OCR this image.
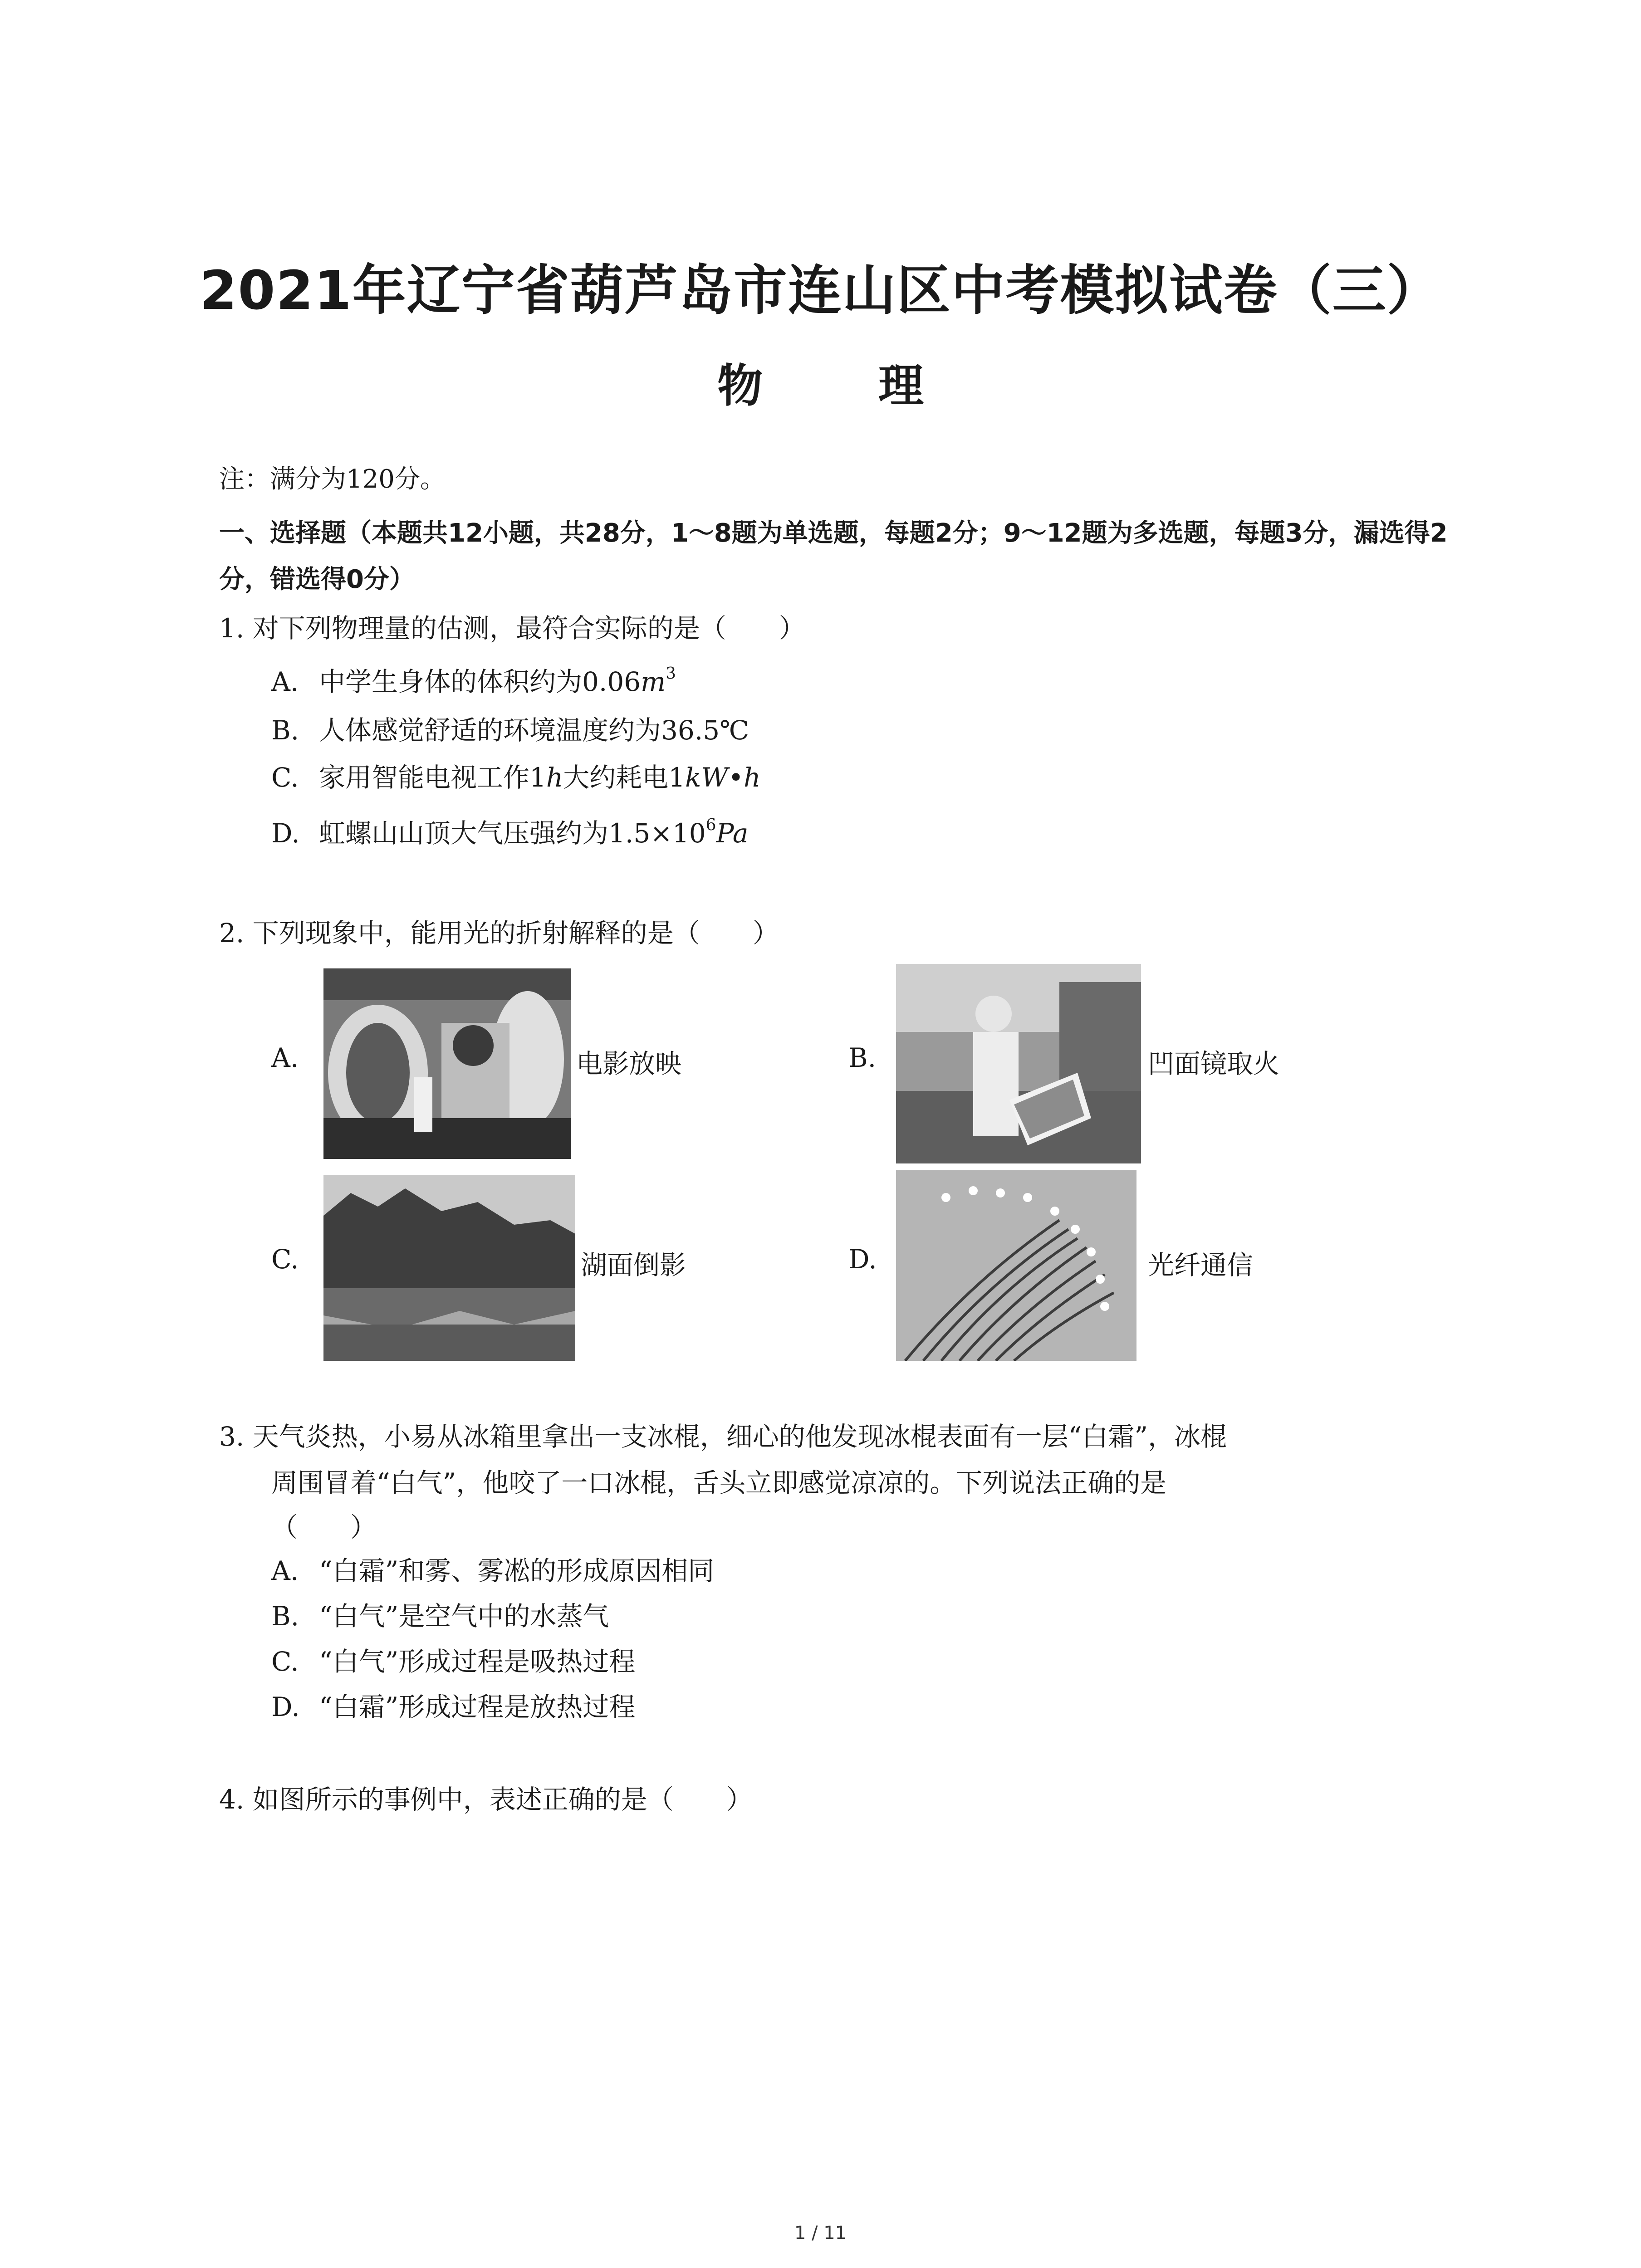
2021年辽宁省葫芦岛市连山区中考模拟试卷（三）
物 理
注：满分为120分。
一、选择题（本题共12小题，共28分，1～8题为单选题，每题2分；9～12题为多选题，每题3分，漏选得2分，错选得0分）
1. 对下列物理量的估测，最符合实际的是（　　）
A. 中学生身体的体积约为$0.06m^3$
B. 人体感觉舒适的环境温度约为36.5℃
C. 家用智能电视工作1h大约耗电1kW•h
D. 虹螺山山顶大气压强约为$1.5\times 10^6Pa$
2. 下列现象中，能用光的折射解释的是（　　）
A.	电影放映	B.	凹面镜取火
C.	湖面倒影	D.	光纤通信
3. 天气炎热，小易从冰箱里拿出一支冰棍，细心的他发现冰棍表面有一层“白霜”，冰棍
周围冒着“白气”，他咬了一口冰棍，舌头立即感觉凉凉的。下列说法正确的是
（　　）
A. “白霜”和雾、雾凇的形成原因相同
B. “白气”是空气中的水蒸气
C. “白气”形成过程是吸热过程
D. “白霜”形成过程是放热过程
4. 如图所示的事例中，表述正确的是（　　）
1 / 11
